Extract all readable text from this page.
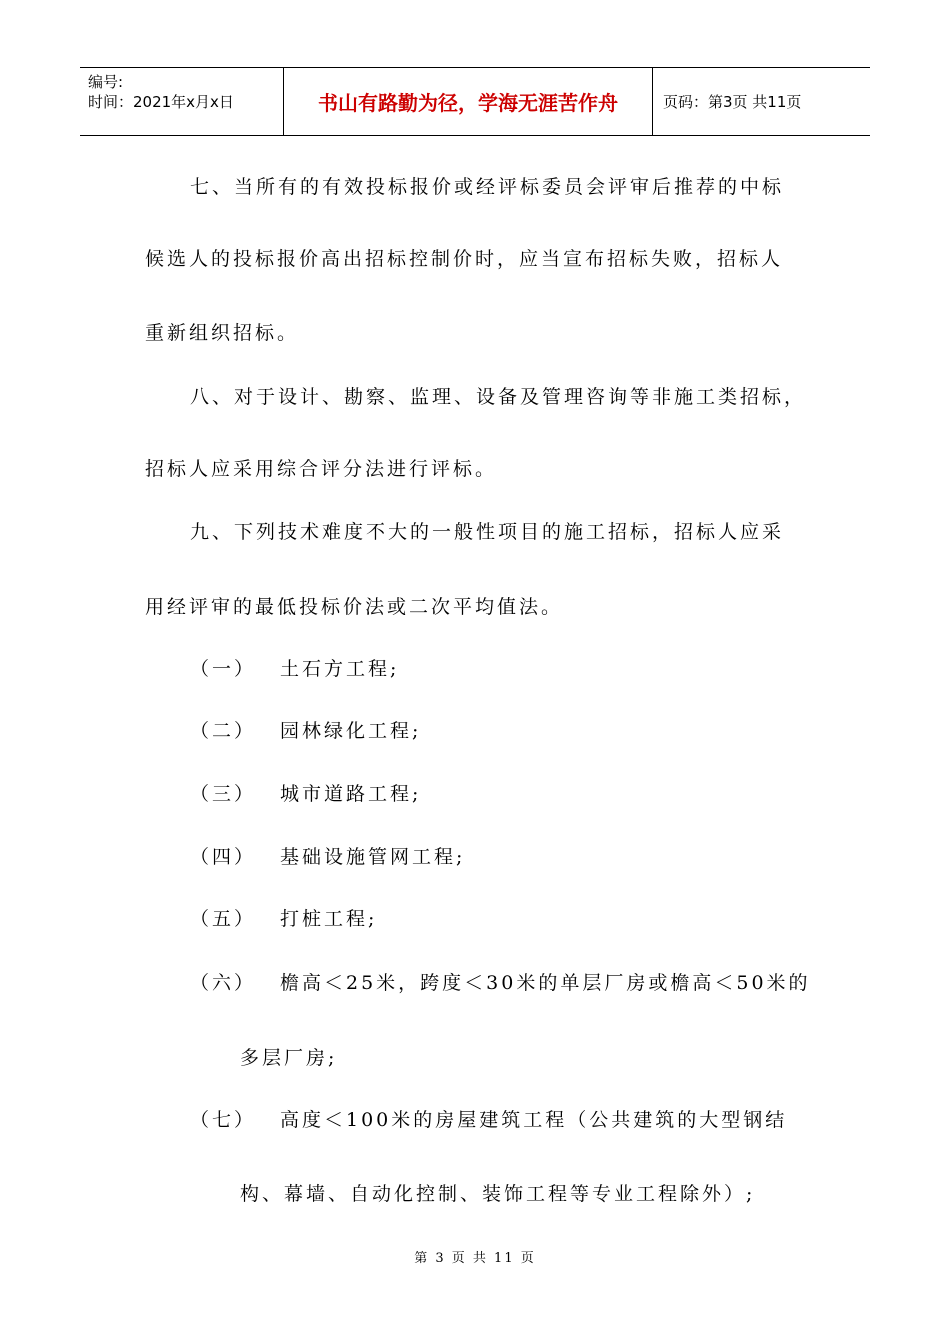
编号:
时间：2021年x月x日	书山有路勤为径，学海无涯苦作舟	页码：第3页 共11页
七、当所有的有效投标报价或经评标委员会评审后推荐的中标
候选人的投标报价高出招标控制价时，应当宣布招标失败，招标人
重新组织招标。
八、对于设计、勘察、监理、设备及管理咨询等非施工类招标，
招标人应采用综合评分法进行评标。
九、下列技术难度不大的一般性项目的施工招标，招标人应采
用经评审的最低投标价法或二次平均值法。
（一） 土石方工程;
（二） 园林绿化工程;
（三） 城市道路工程;
（四） 基础设施管网工程;
（五） 打桩工程;
（六） 檐高＜25米，跨度＜30米的单层厂房或檐高＜50米的
多层厂房;
（七） 高度＜100米的房屋建筑工程（公共建筑的大型钢结
构、幕墙、自动化控制、装饰工程等专业工程除外）;
第 3 页 共 11 页
